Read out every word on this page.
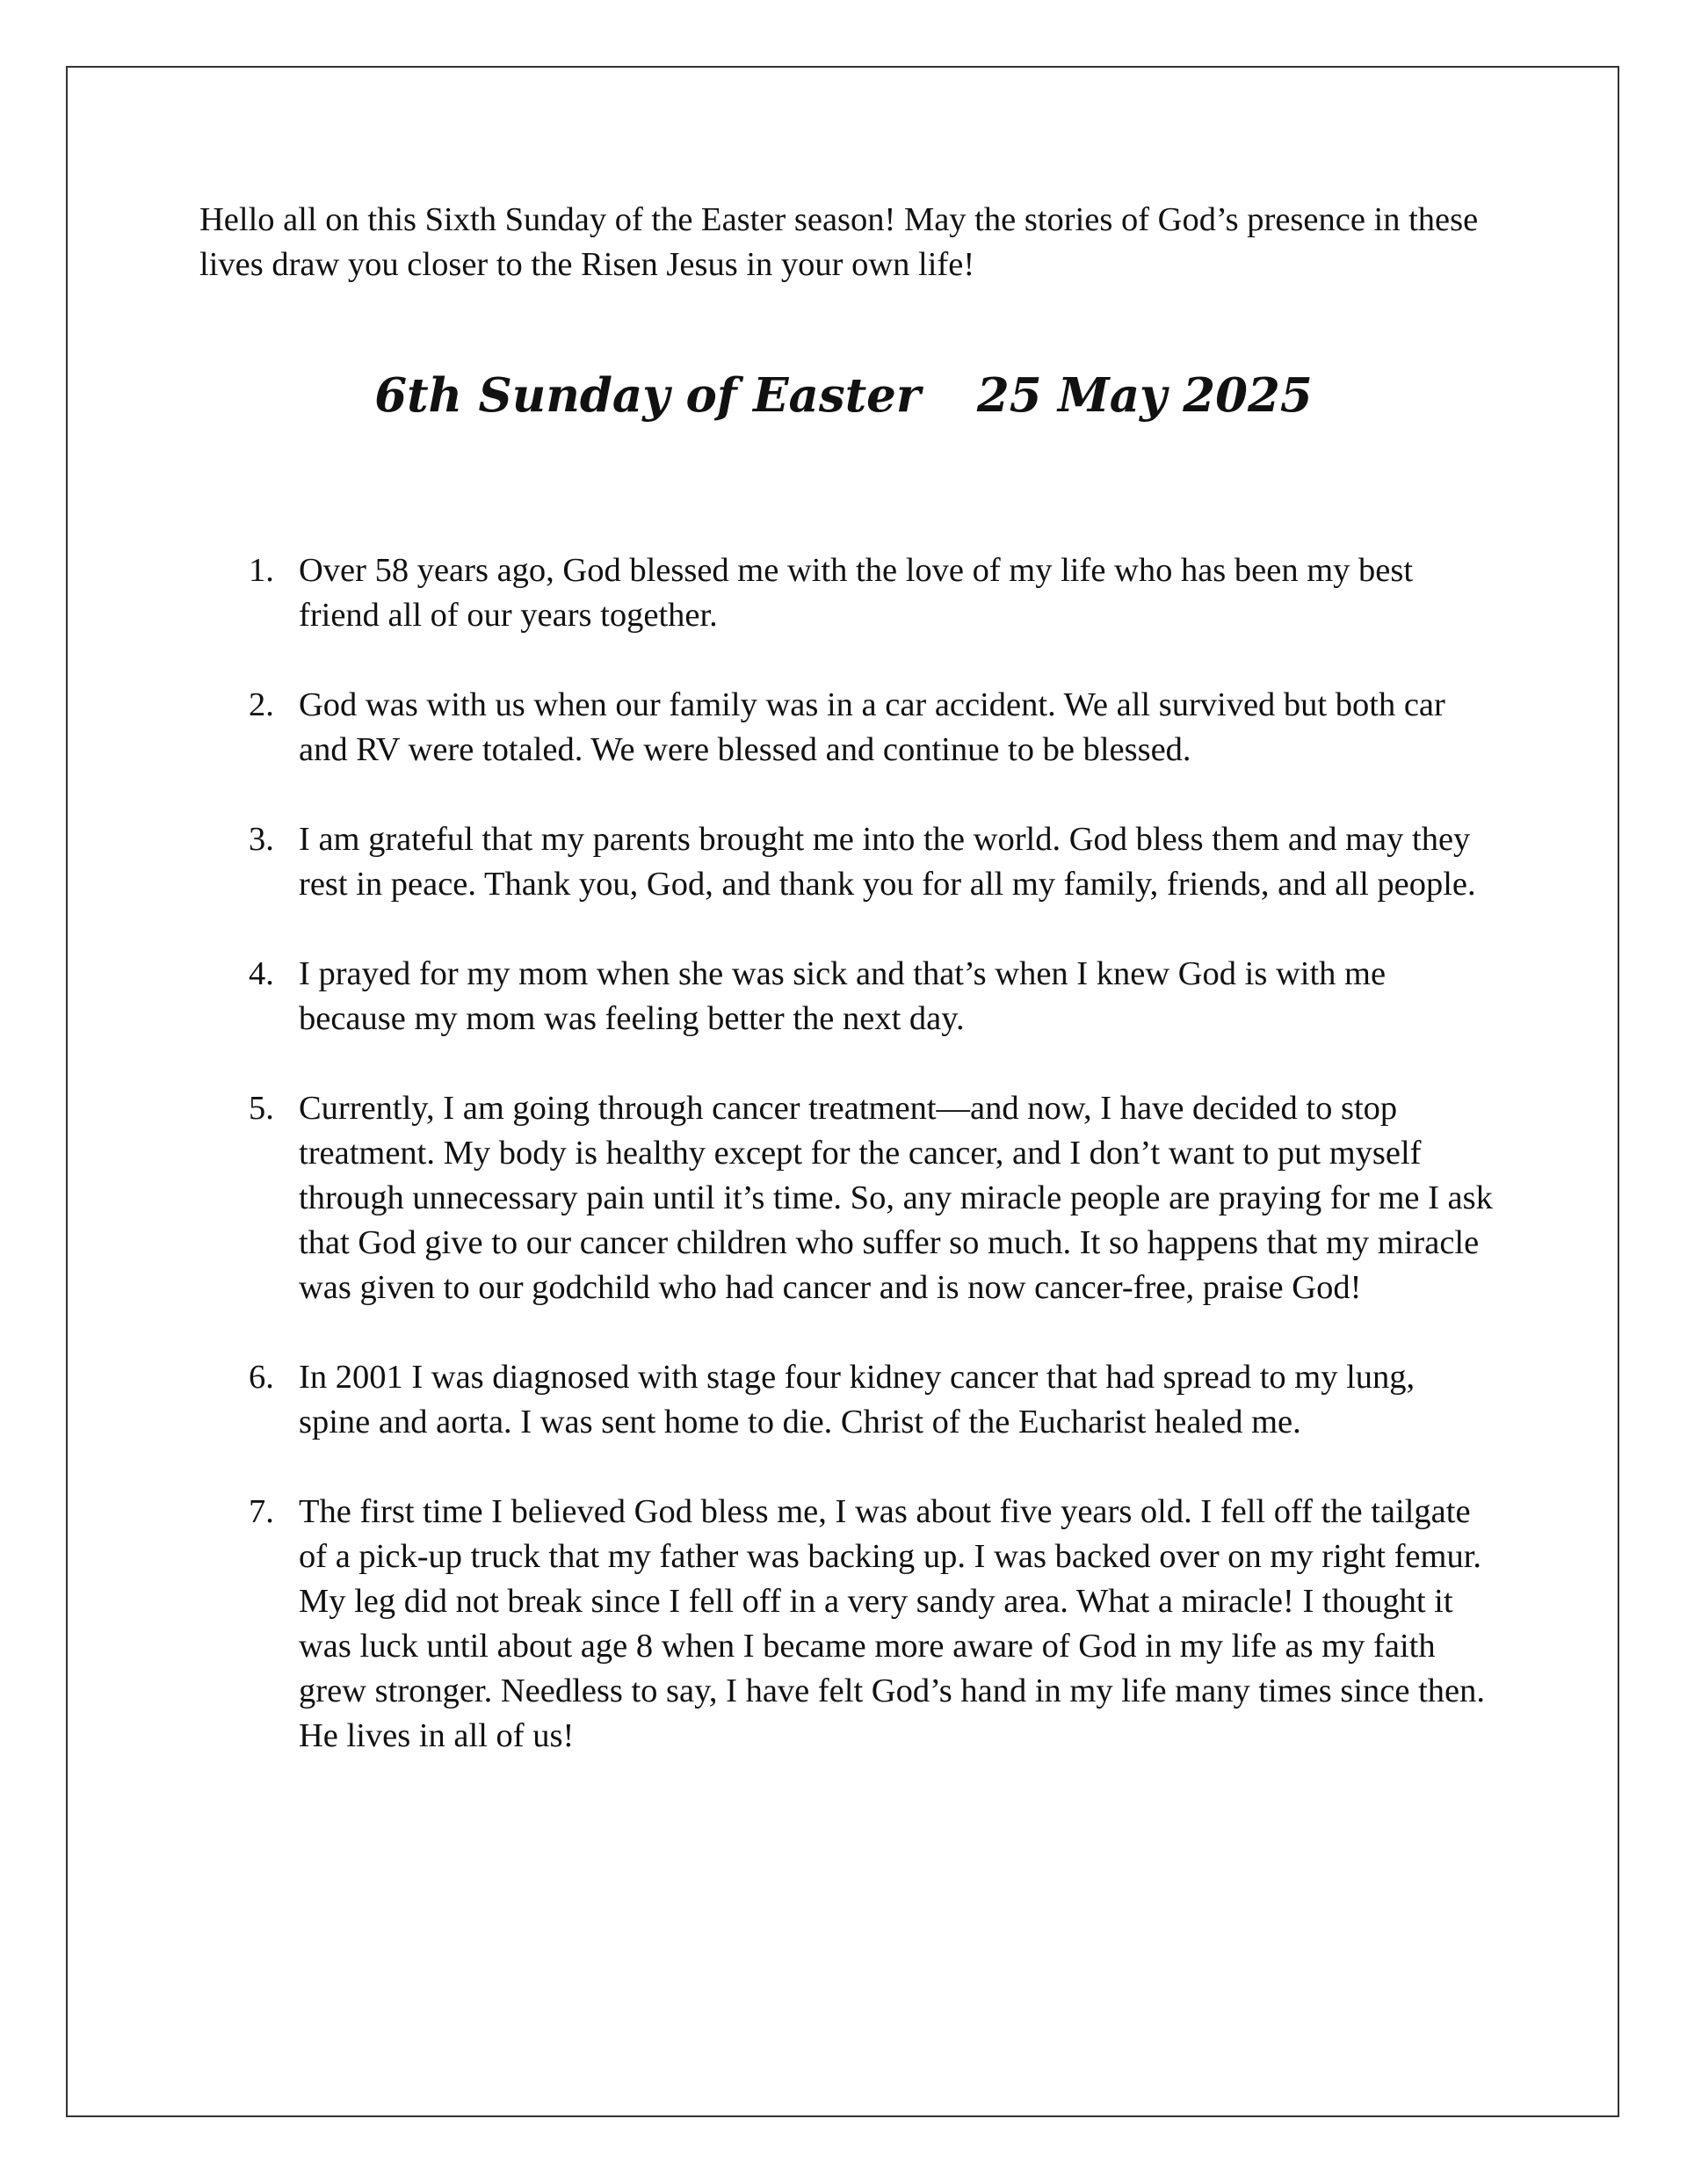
Hello all on this Sixth Sunday of the Easter season! May the stories of God’s presence in these lives draw you closer to the Risen Jesus in your own life!

6th Sunday of Easter 25 May 2025
1. Over 58 years ago, God blessed me with the love of my life who has been my best friend all of our years together.
2. God was with us when our family was in a car accident. We all survived but both car and RV were totaled. We were blessed and continue to be blessed.
3. I am grateful that my parents brought me into the world. God bless them and may they rest in peace. Thank you, God, and thank you for all my family, friends, and all people.
4. I prayed for my mom when she was sick and that’s when I knew God is with me because my mom was feeling better the next day.
5. Currently, I am going through cancer treatment—and now, I have decided to stop treatment. My body is healthy except for the cancer, and I don’t want to put myself through unnecessary pain until it’s time. So, any miracle people are praying for me I ask that God give to our cancer children who suffer so much. It so happens that my miracle was given to our godchild who had cancer and is now cancer-free, praise God!
6. In 2001 I was diagnosed with stage four kidney cancer that had spread to my lung, spine and aorta. I was sent home to die. Christ of the Eucharist healed me.
7. The first time I believed God bless me, I was about five years old. I fell off the tailgate of a pick-up truck that my father was backing up. I was backed over on my right femur. My leg did not break since I fell off in a very sandy area. What a miracle! I thought it was luck until about age 8 when I became more aware of God in my life as my faith grew stronger. Needless to say, I have felt God’s hand in my life many times since then. He lives in all of us!
